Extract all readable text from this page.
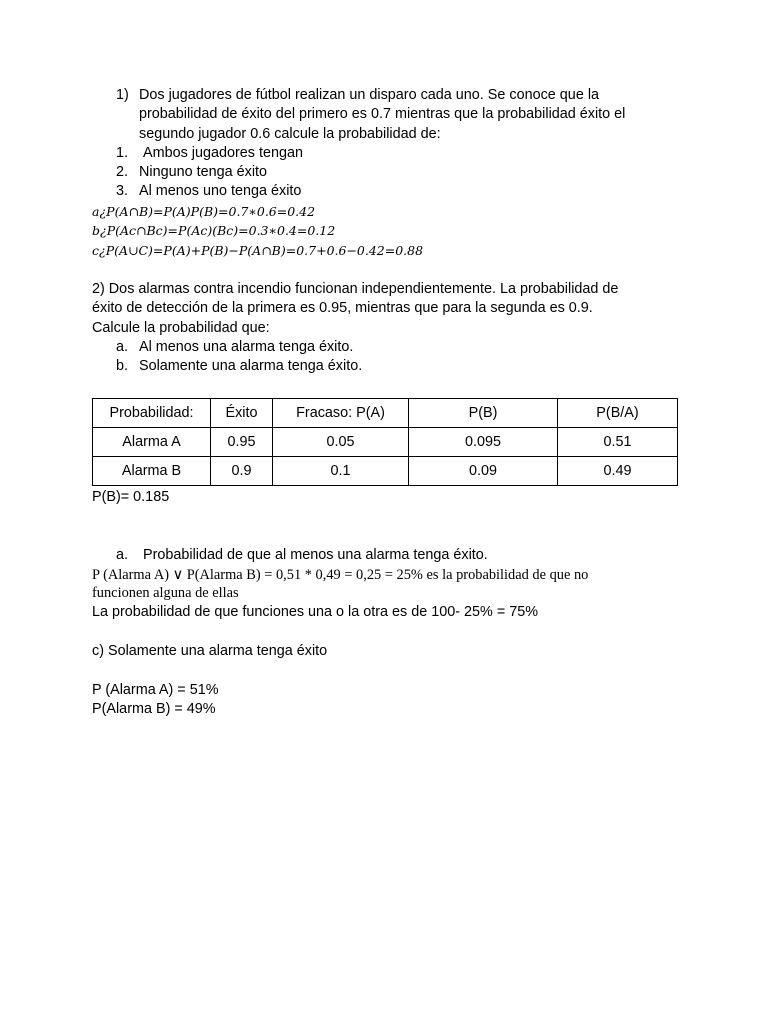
1) Dos jugadores de fútbol realizan un disparo cada uno. Se conoce que la
probabilidad de éxito del primero es 0.7 mientras que la probabilidad éxito el
segundo jugador 0.6 calcule la probabilidad de:
1. Ambos jugadores tengan
2. Ninguno tenga éxito
3. Al menos uno tenga éxito
a¿P(A∩B)=P(A)P(B)=0.7∗0.6=0.42
b¿P(Ac∩Bc)=P(Ac)(Bc)=0.3∗0.4=0.12
c¿P(A∪C)=P(A)+P(B)−P(A∩B)=0.7+0.6−0.42=0.88
2) Dos alarmas contra incendio funcionan independientemente. La probabilidad de
éxito de detección de la primera es 0.95, mientras que para la segunda es 0.9.
Calcule la probabilidad que:
a. Al menos una alarma tenga éxito.
b. Solamente una alarma tenga éxito.
Probabilidad:	Éxito	Fracaso: P(A)	P(B)	P(B/A)
Alarma A	0.95	0.05	0.095	0.51
Alarma B	0.9	0.1	0.09	0.49
P(B)= 0.185
a. Probabilidad de que al menos una alarma tenga éxito.
P (Alarma A) ∨ P(Alarma B) = 0,51 * 0,49 = 0,25 = 25% es la probabilidad de que no
funcionen alguna de ellas
La probabilidad de que funciones una o la otra es de 100- 25% = 75%
c) Solamente una alarma tenga éxito
P (Alarma A) = 51%
P(Alarma B) = 49%
